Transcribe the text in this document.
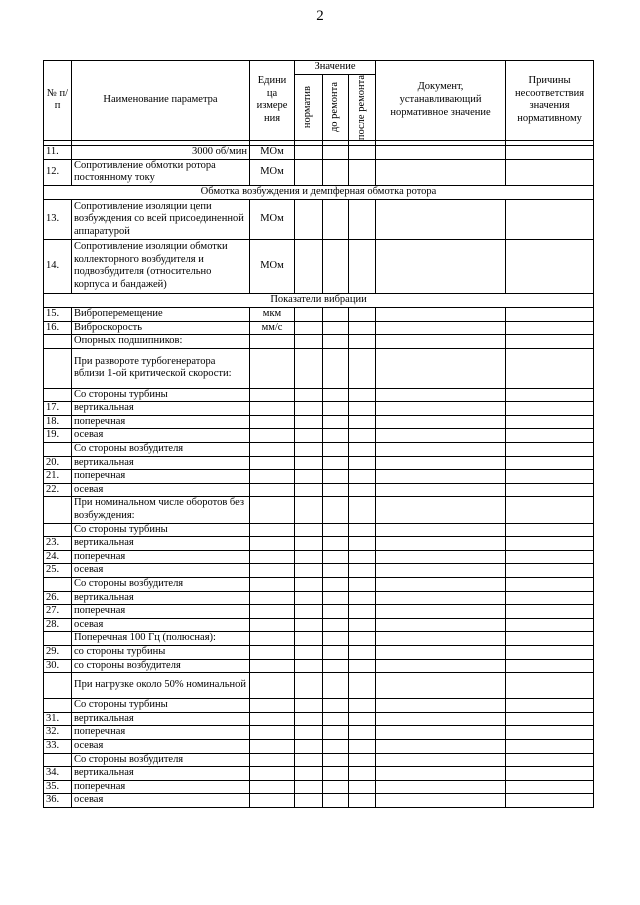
2
№ п/п	Наименование параметра	Едини ца измере ния	Значение			Документ, устанавливающий нормативное значение	Причины несоответствия значения нормативному

			норматив	до ремонта	после ремонта		

11.	3000 об/мин	МОм					
12.	Сопротивление обмотки ротора постоянному току	МОм					
Обмотка возбуждения и демпферная обмотка ротора							
13.	Сопротивление изоляции цепи возбуждения со всей присоединенной аппаратурой	МОм					
14.	Сопротивление изоляции обмотки коллекторного возбудителя и подвозбудителя (относительно корпуса и бандажей)	МОм					
Показатели вибрации							
15.	Виброперемещение	мкм					
16.	Виброскорость	мм/с					
	Опорных подшипников:						
	При развороте турбогенератора вблизи 1-ой критической скорости:						
	Со стороны турбины						
17.	вертикальная						
18.	поперечная						
19.	осевая						
	Со стороны возбудителя						
20.	вертикальная						
21.	поперечная						
22.	осевая						
	При номинальном числе оборотов без возбуждения:						
	Со стороны турбины						
23.	вертикальная						
24.	поперечная						
25.	осевая						
	Со стороны возбудителя						
26.	вертикальная						
27.	поперечная						
28.	осевая						
	Поперечная 100 Гц (полюсная):						
29.	со стороны турбины						
30.	со стороны возбудителя						
	При нагрузке около 50% номинальной						
	Со стороны турбины						
31.	вертикальная						
32.	поперечная						
33.	осевая						
	Со стороны возбудителя						
34.	вертикальная						
35.	поперечная						
36.	осевая						
